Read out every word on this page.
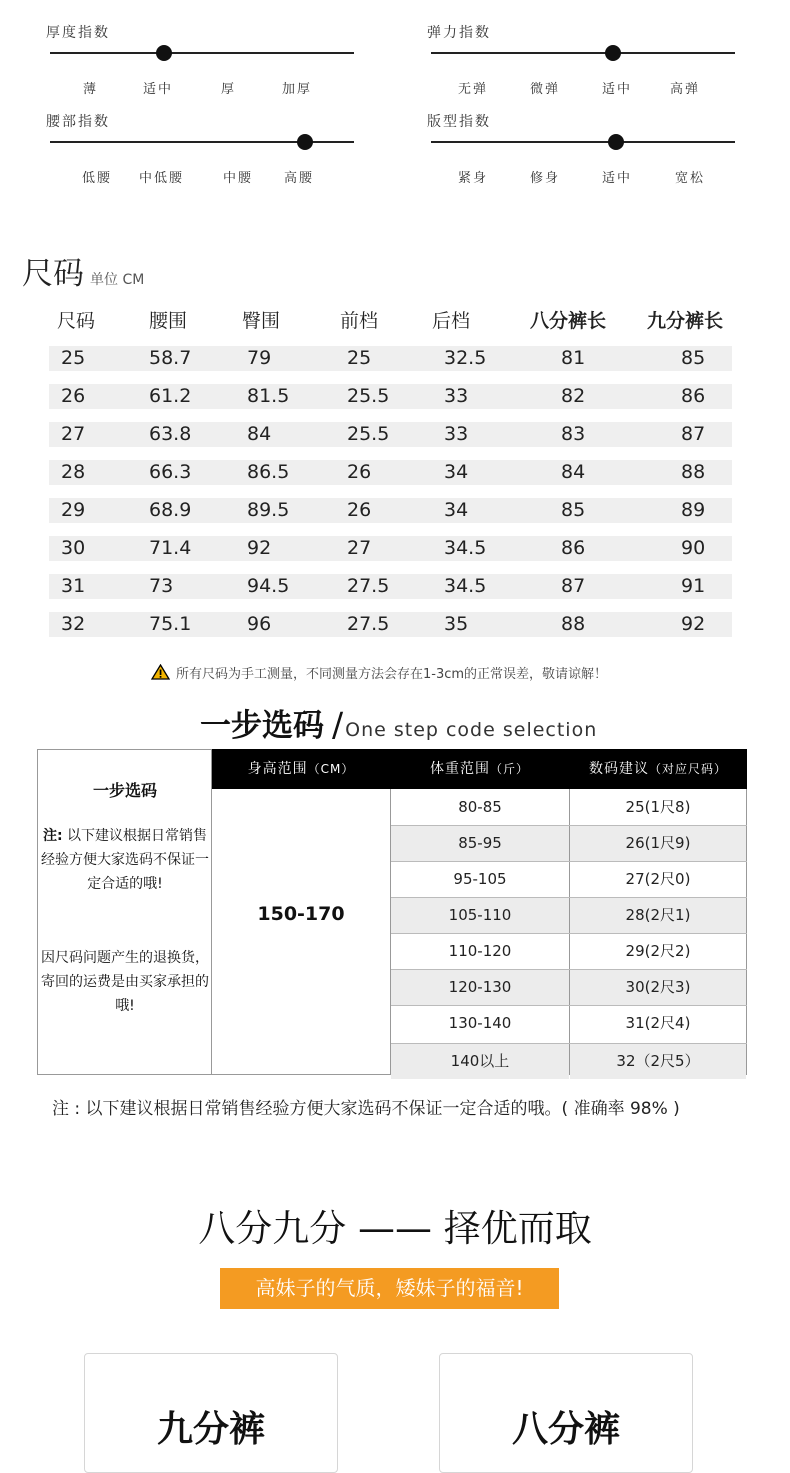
厚度指数
薄	适中	厚	加厚
弹力指数
无弹	微弹	适中	高弹
腰部指数
低腰 中低腰	中腰 高腰
版型指数
紧身	修身	适中	宽松
尺码 单位 CM
尺码	腰围	臀围	前档	后档	八分裤长 九分裤长
25	58.7	79	25	32.5	81	85
26	61.2	81.5	25.5	33	82	86
27	63.8	84	25.5	33	83	87
28	66.3	86.5	26	34	84	88
29	68.9	89.5	26	34	85	89
30	71.4	92	27	34.5	86	90
31	73	94.5	27.5	34.5	87	91
32	75.1	96	27.5	35	88	92
所有尺码为手工测量，不同测量方法会存在1-3cm的正常误差，敬请谅解！
一步选码 / One step code selection
身高范围（CM）	体重范围（斤）	数码建议（对应尺码）
一步选码
注: 以下建议根据日常销售经验方便大家选码不保证一定合适的哦!
因尺码问题产生的退换货，寄回的运费是由买家承担的哦!
150-170
80-85	25(1尺8)
85-95	26(1尺9)
95-105	27(2尺0)
105-110	28(2尺1)
110-120	29(2尺2)
120-130	30(2尺3)
130-140	31(2尺4)
140以上	32（2尺5）
注 : 以下建议根据日常销售经验方便大家选码不保证一定合适的哦。( 准确率 98% )
八分九分 —— 择优而取
高妹子的气质，矮妹子的福音!
九分裤	八分裤
